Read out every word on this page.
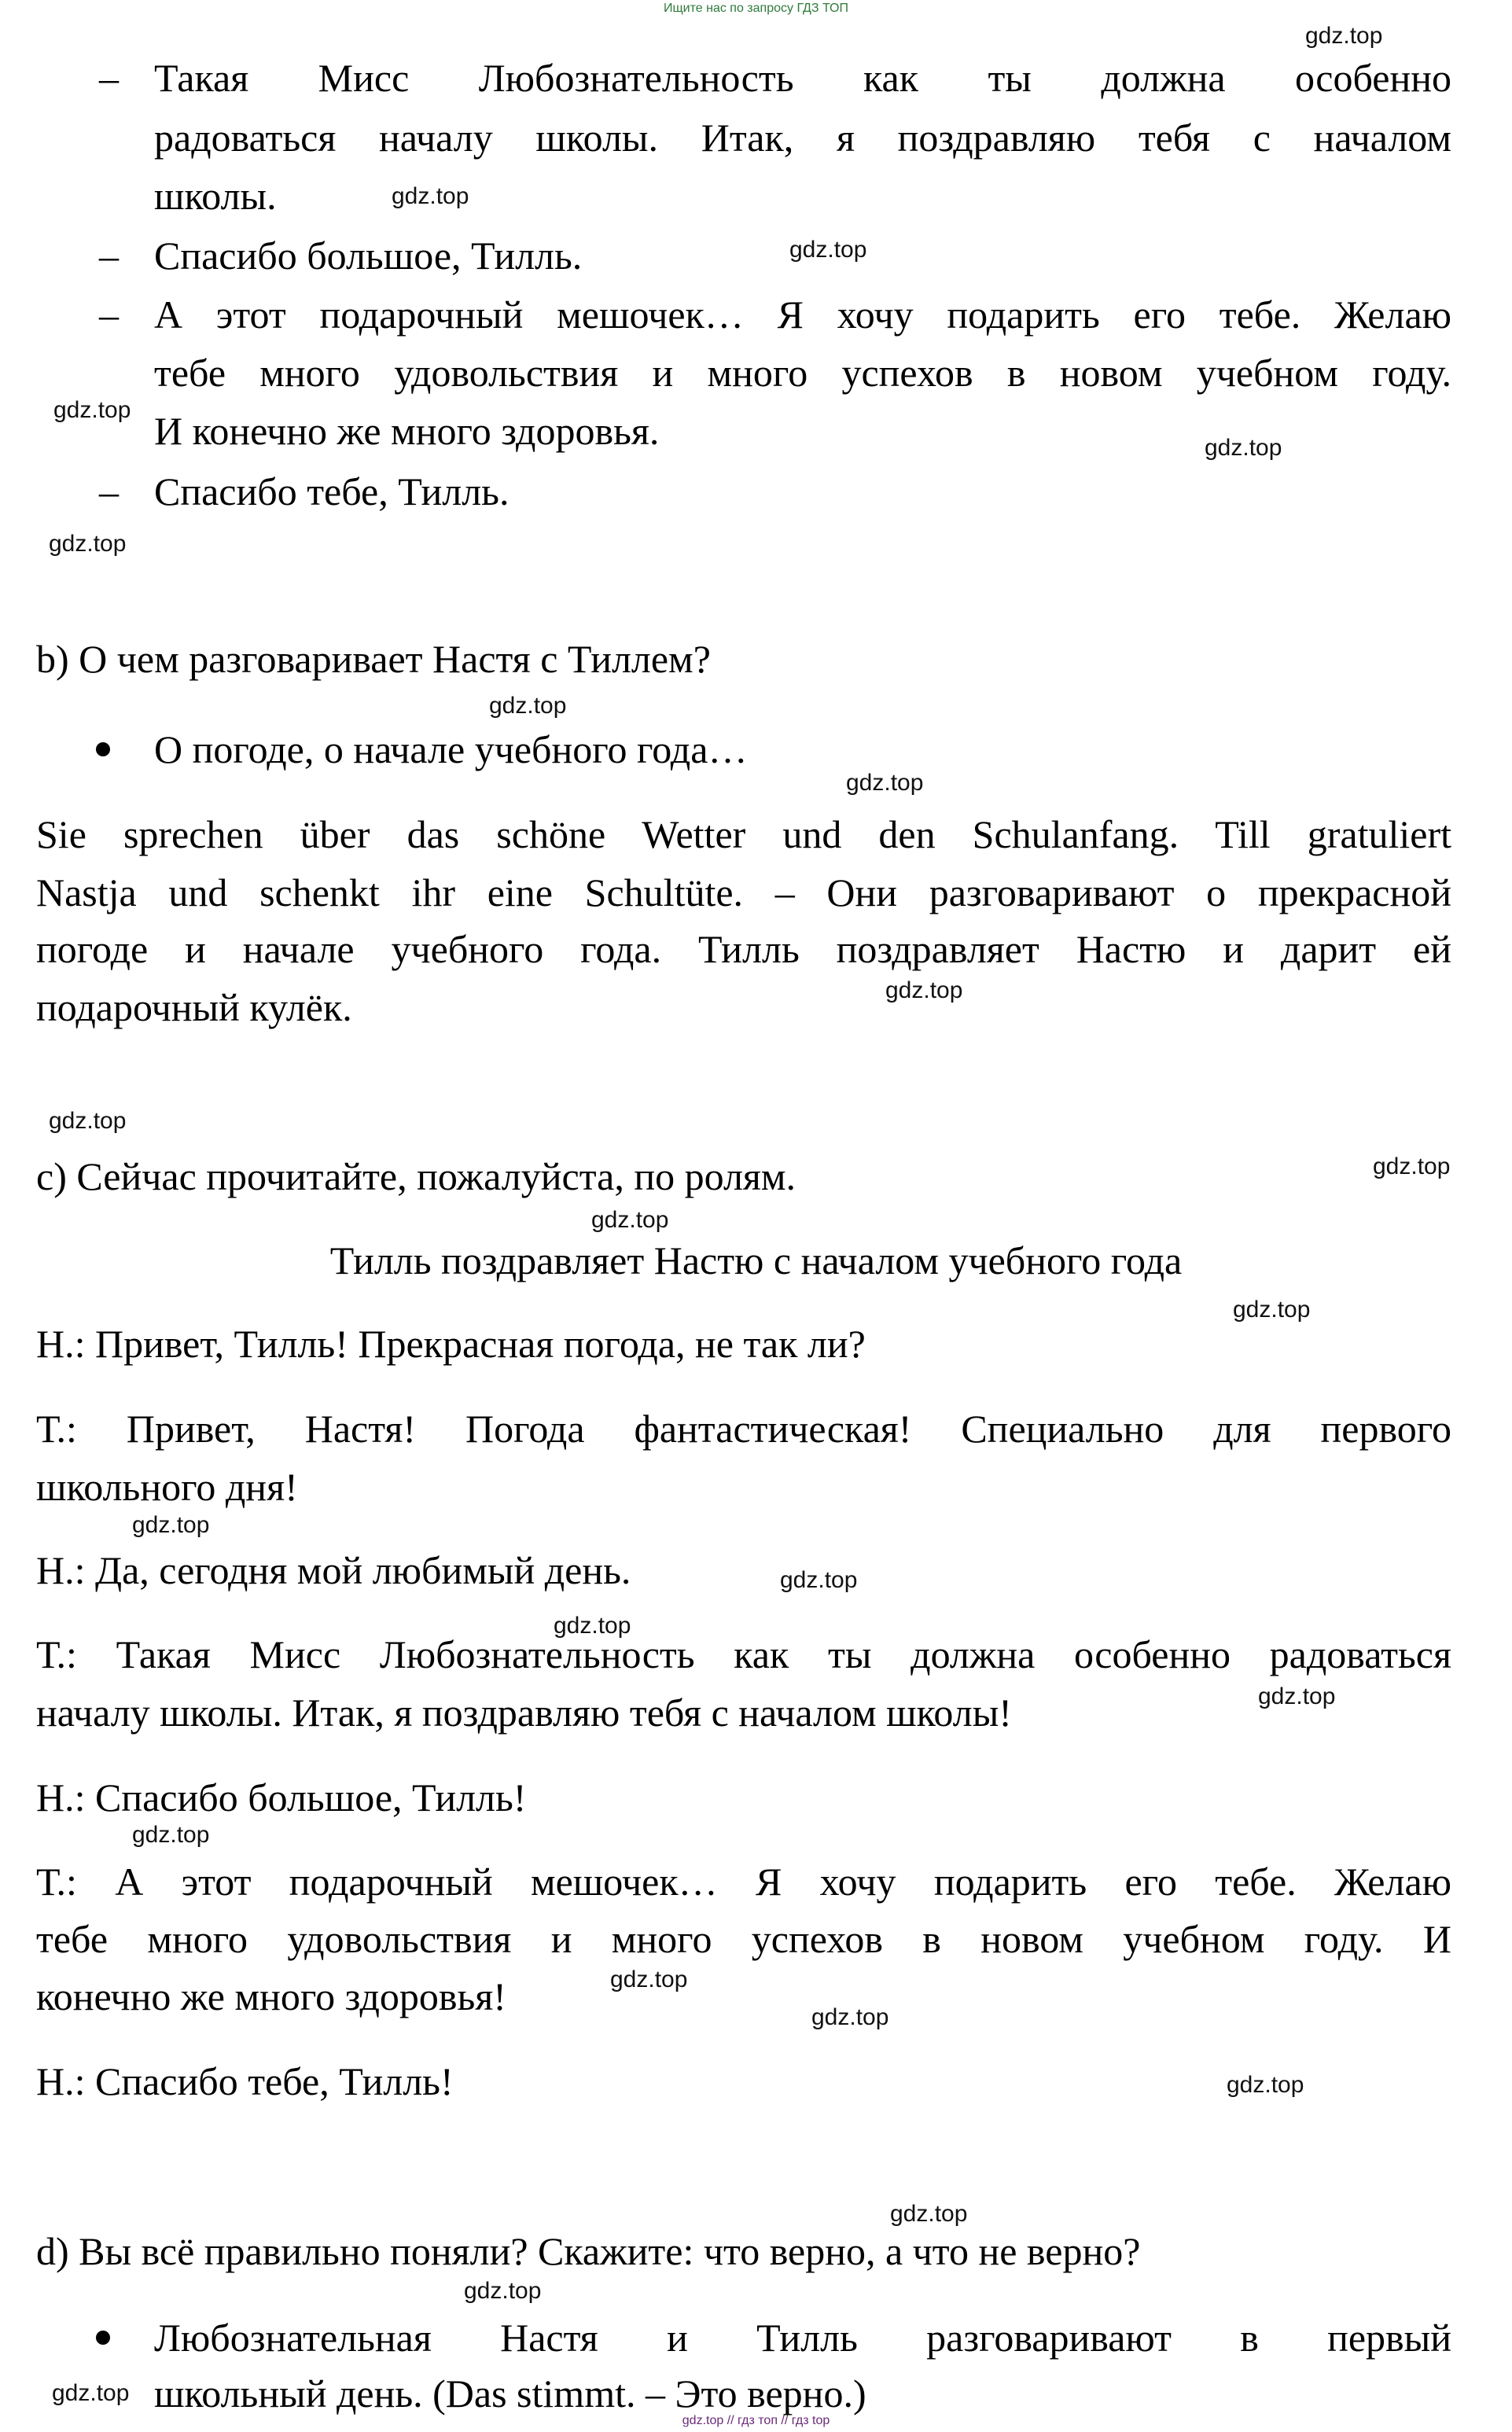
Ищите нас по запросу ГДЗ ТОП
– Такая Мисс Любознательность как ты должна особенно
радоваться началу школы. Итак, я поздравляю тебя с началом
школы.
– Спасибо большое, Тилль.
– А этот подарочный мешочек… Я хочу подарить его тебе. Желаю
тебе много удовольствия и много успехов в новом учебном году.
И конечно же много здоровья.
– Спасибо тебе, Тилль.
b) О чем разговаривает Настя с Тиллем?
О погоде, о начале учебного года…
Sie sprechen über das schöne Wetter und den Schulanfang. Till gratuliert
Nastja und schenkt ihr eine Schultüte. – Они разговаривают о прекрасной
погоде и начале учебного года. Тилль поздравляет Настю и дарит ей
подарочный кулёк.
c) Сейчас прочитайте, пожалуйста, по ролям.
Тилль поздравляет Настю с началом учебного года
Н.: Привет, Тилль! Прекрасная погода, не так ли?
Т.: Привет, Настя! Погода фантастическая! Специально для первого
школьного дня!
Н.: Да, сегодня мой любимый день.
Т.: Такая Мисс Любознательность как ты должна особенно радоваться
началу школы. Итак, я поздравляю тебя с началом школы!
Н.: Спасибо большое, Тилль!
Т.: А этот подарочный мешочек… Я хочу подарить его тебе. Желаю
тебе много удовольствия и много успехов в новом учебном году. И
конечно же много здоровья!
Н.: Спасибо тебе, Тилль!
d) Вы всё правильно поняли? Скажите: что верно, а что не верно?
Любознательная Настя и Тилль разговаривают в первый
школьный день. (Das stimmt. – Это верно.)
gdz.top
gdz.top
gdz.top
gdz.top
gdz.top
gdz.top
gdz.top
gdz.top
gdz.top
gdz.top
gdz.top
gdz.top
gdz.top
gdz.top
gdz.top
gdz.top
gdz.top
gdz.top
gdz.top
gdz.top
gdz.top
gdz.top
gdz.top
gdz.top
gdz.top // гдз топ // гдз top
